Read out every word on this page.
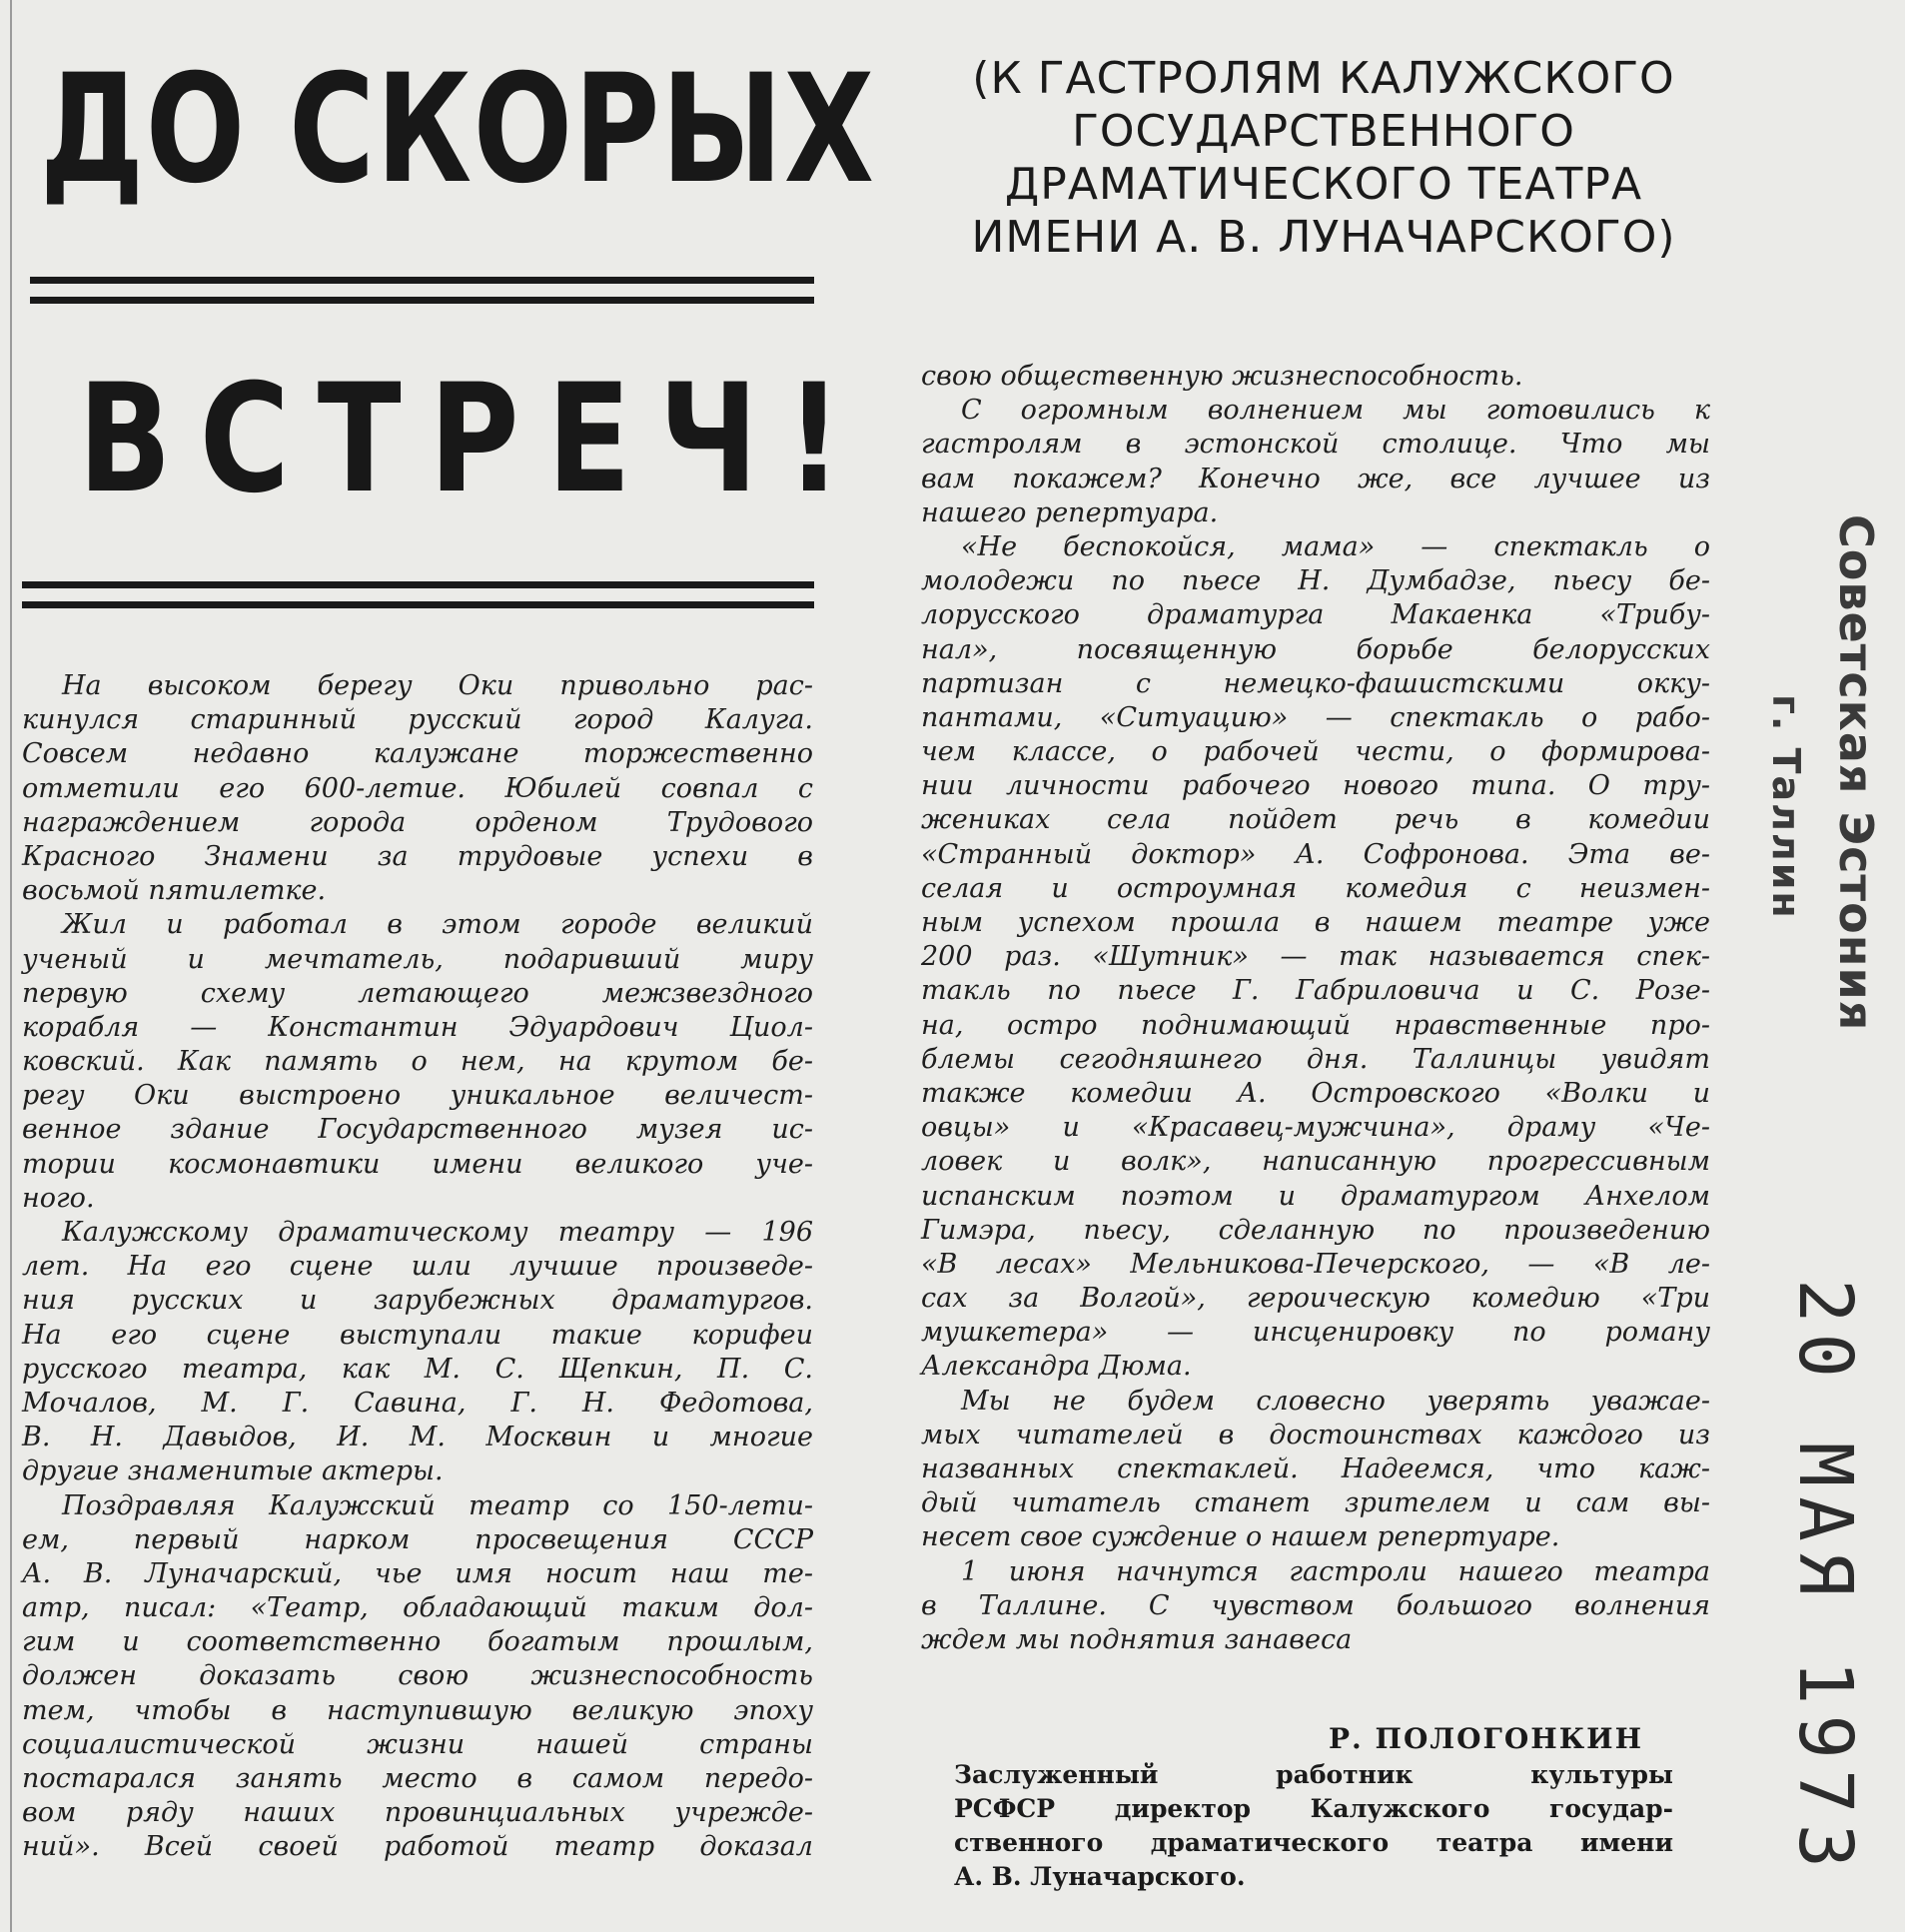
ДО СКОРЫХ
ВСТРЕЧ!
(К ГАСТРОЛЯМ КАЛУЖСКОГО
ГОСУДАРСТВЕННОГО
ДРАМАТИЧЕСКОГО ТЕАТРА
ИМЕНИ А. В. ЛУНАЧАРСКОГО)
На высоком берегу Оки привольно рас-
кинулся старинный русский город Калуга.
Совсем недавно калужане торжественно
отметили его 600-летие. Юбилей совпал с
награждением города орденом Трудового
Красного Знамени за трудовые успехи в
восьмой пятилетке.
Жил и работал в этом городе великий
ученый и мечтатель, подаривший миру
первую схему летающего межзвездного
корабля — Константин Эдуардович Циол-
ковский. Как память о нем, на крутом бе-
регу Оки выстроено уникальное величест-
венное здание Государственного музея ис-
тории космонавтики имени великого уче-
ного.
Калужскому драматическому театру — 196
лет. На его сцене шли лучшие произведе-
ния русских и зарубежных драматургов.
На его сцене выступали такие корифеи
русского театра, как М. С. Щепкин, П. С.
Мочалов, М. Г. Савина, Г. Н. Федотова,
В. Н. Давыдов, И. М. Москвин и многие
другие знаменитые актеры.
Поздравляя Калужский театр со 150-лети-
ем, первый нарком просвещения СССР
А. В. Луначарский, чье имя носит наш те-
атр, писал: «Театр, обладающий таким дол-
гим и соответственно богатым прошлым,
должен доказать свою жизнеспособность
тем, чтобы в наступившую великую эпоху
социалистической жизни нашей страны
постарался занять место в самом передо-
вом ряду наших провинциальных учрежде-
ний». Всей своей работой театр доказал
свою общественную жизнеспособность.
С огромным волнением мы готовились к
гастролям в эстонской столице. Что мы
вам покажем? Конечно же, все лучшее из
нашего репертуара.
«Не беспокойся, мама» — спектакль о
молодежи по пьесе Н. Думбадзе, пьесу бе-
лорусского драматурга Макаенка «Трибу-
нал», посвященную борьбе белорусских
партизан с немецко-фашистскими окку-
пантами, «Ситуацию» — спектакль о рабо-
чем классе, о рабочей чести, о формирова-
нии личности рабочего нового типа. О тру-
жениках села пойдет речь в комедии
«Странный доктор» А. Софронова. Эта ве-
селая и остроумная комедия с неизмен-
ным успехом прошла в нашем театре уже
200 раз. «Шутник» — так называется спек-
такль по пьесе Г. Габриловича и С. Розе-
на, остро поднимающий нравственные про-
блемы сегодняшнего дня. Таллинцы увидят
также комедии А. Островского «Волки и
овцы» и «Красавец-мужчина», драму «Че-
ловек и волк», написанную прогрессивным
испанским поэтом и драматургом Анхелом
Гимэра, пьесу, сделанную по произведению
«В лесах» Мельникова-Печерского, — «В ле-
сах за Волгой», героическую комедию «Три
мушкетера» — инсценировку по роману
Александра Дюма.
Мы не будем словесно уверять уважае-
мых читателей в достоинствах каждого из
названных спектаклей. Надеемся, что каж-
дый читатель станет зрителем и сам вы-
несет свое суждение о нашем репертуаре.
1 июня начнутся гастроли нашего театра
в Таллине. С чувством большого волнения
ждем мы поднятия занавеса
Р. ПОЛОГОНКИН
Заслуженный работник культуры
РСФСР директор Калужского государ-
ственного драматического театра имени
А. В. Луначарского.
Советская Эстония
г. Таллин
20 МАЯ 1973
